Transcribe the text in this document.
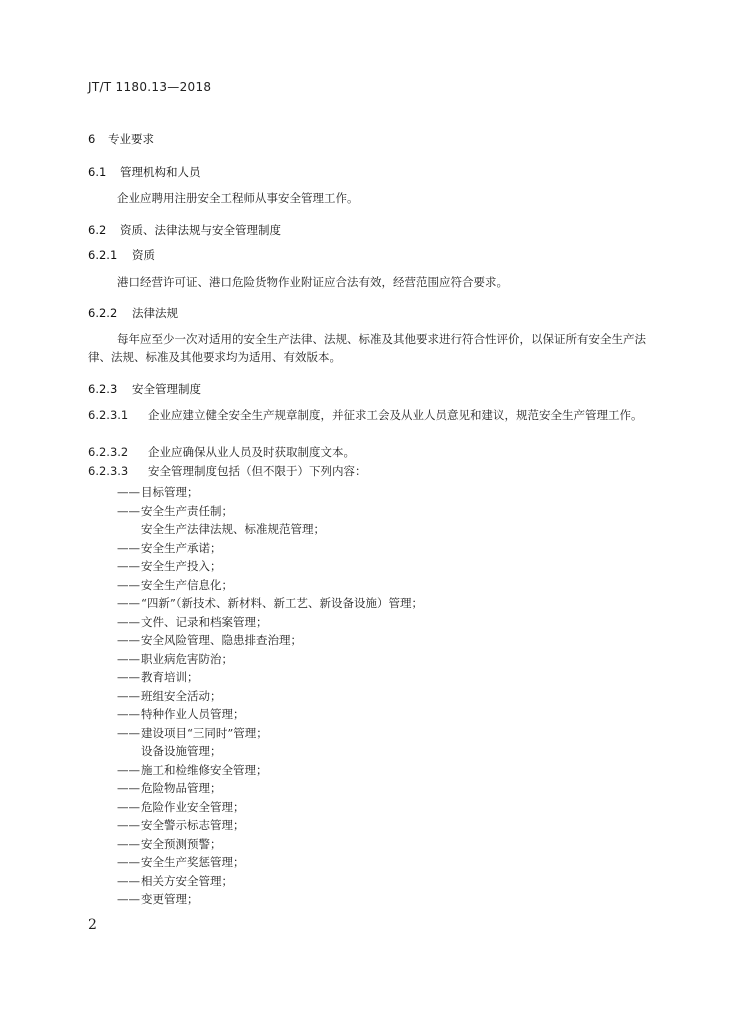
JT/T 1180.13—2018
6 专业要求
6.1 管理机构和人员
企业应聘用注册安全工程师从事安全管理工作。
6.2 资质、法律法规与安全管理制度
6.2.1 资质
港口经营许可证、港口危险货物作业附证应合法有效，经营范围应符合要求。
6.2.2 法律法规
每年应至少一次对适用的安全生产法律、法规、标准及其他要求进行符合性评价，以保证所有安全生产法律、法规、标准及其他要求均为适用、有效版本。
6.2.3 安全管理制度
6.2.3.1 企业应建立健全安全生产规章制度，并征求工会及从业人员意见和建议，规范安全生产管理工作。
6.2.3.2 企业应确保从业人员及时获取制度文本。
6.2.3.3 安全管理制度包括（但不限于）下列内容：
——目标管理；
——安全生产责任制；
安全生产法律法规、标准规范管理；
——安全生产承诺；
——安全生产投入；
——安全生产信息化；
——“四新”（新技术、新材料、新工艺、新设备设施）管理；
——文件、记录和档案管理；
——安全风险管理、隐患排查治理；
——职业病危害防治；
——教育培训；
——班组安全活动；
——特种作业人员管理；
——建设项目“三同时”管理；
设备设施管理；
——施工和检维修安全管理；
——危险物品管理；
——危险作业安全管理；
——安全警示标志管理；
——安全预测预警；
——安全生产奖惩管理；
——相关方安全管理；
——变更管理；
2
